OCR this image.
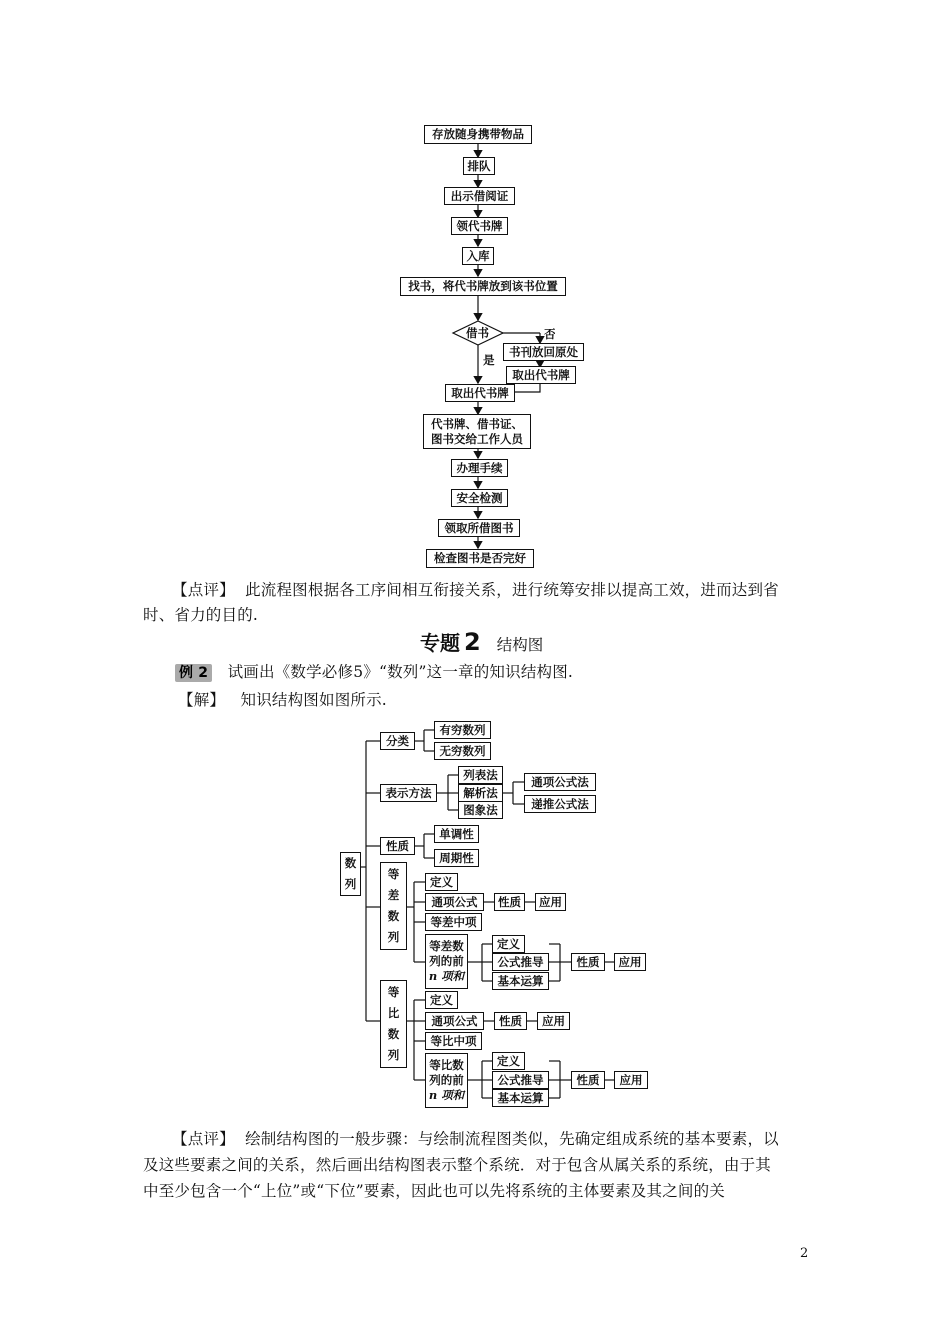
存放随身携带物品
排队
出示借阅证
领代书牌
入库
找书，将代书牌放到该书位置
借书	否
是
书刊放回原处
取出代书牌
取出代书牌
代书牌、借书证、
图书交给工作人员
办理手续
安全检测
领取所借图书
检查图书是否完好
【点评】 此流程图根据各工序间相互衔接关系，进行统筹安排以提高工效，进而达到省
时、省力的目的.
专题 2 结构图
例 2 试画出《数学必修5》“数列”这一章的知识结构图.
【解】 知识结构图如图所示.
数
列
分类
有穷数列
无穷数列
表示方法
列表法
解析法
图象法
通项公式法
递推公式法
性质
单调性
周期性
等
差
数
列
定义
通项公式	性质	应用
等差中项
等差数
列的前
n 项和
定义
公式推导
基本运算
性质	应用
等
比
数
列
定义
通项公式	性质	应用
等比中项
等比数
列的前
n 项和
定义
公式推导
基本运算
性质	应用
【点评】 绘制结构图的一般步骤：与绘制流程图类似，先确定组成系统的基本要素，以
及这些要素之间的关系，然后画出结构图表示整个系统．对于包含从属关系的系统，由于其
中至少包含一个“上位”或“下位”要素，因此也可以先将系统的主体要素及其之间的关
2
